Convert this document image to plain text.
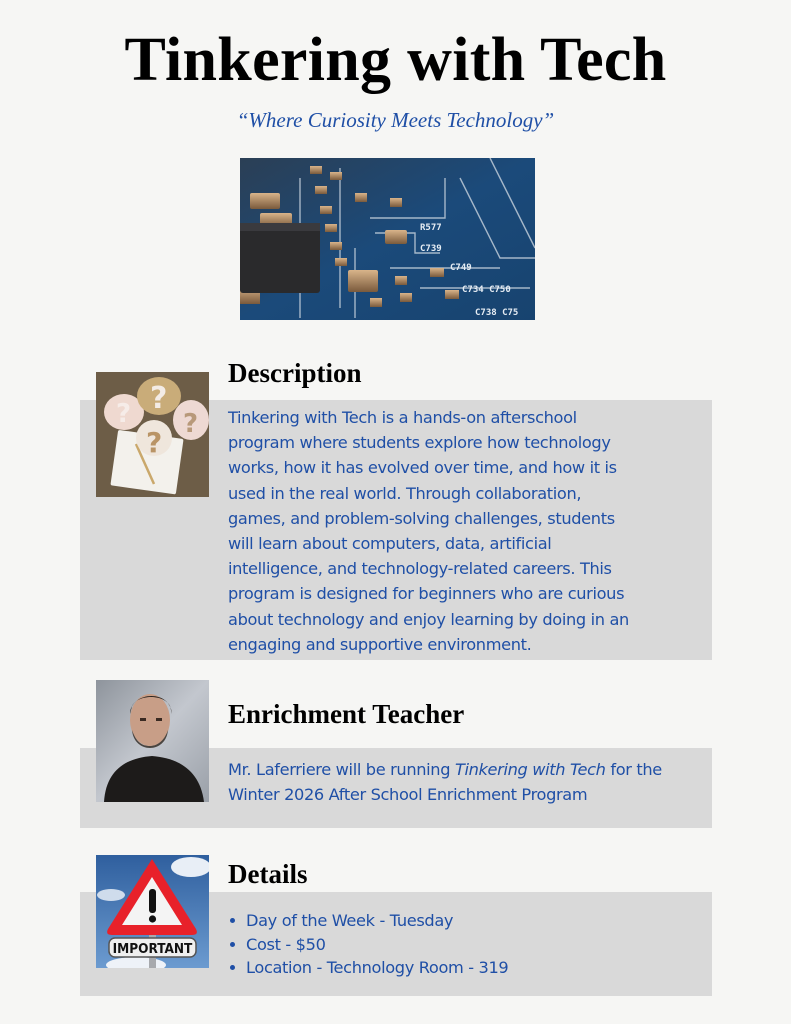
Tinkering with Tech
“Where Curiosity Meets Technology”
R577
C739
C749
C734 C750
C738 C75
? ?
?
?
Description
Tinkering with Tech is a hands-on afterschool
program where students explore how technology
works, how it has evolved over time, and how it is
used in the real world. Through collaboration,
games, and problem-solving challenges, students
will learn about computers, data, artificial
intelligence, and technology-related careers. This
program is designed for beginners who are curious
about technology and enjoy learning by doing in an
engaging and supportive environment.
Enrichment Teacher
Mr. Laferriere will be running Tinkering with Tech for the
Winter 2026 After School Enrichment Program
IMPORTANT
Details
Day of the Week - Tuesday
Cost - $50
Location - Technology Room - 319
